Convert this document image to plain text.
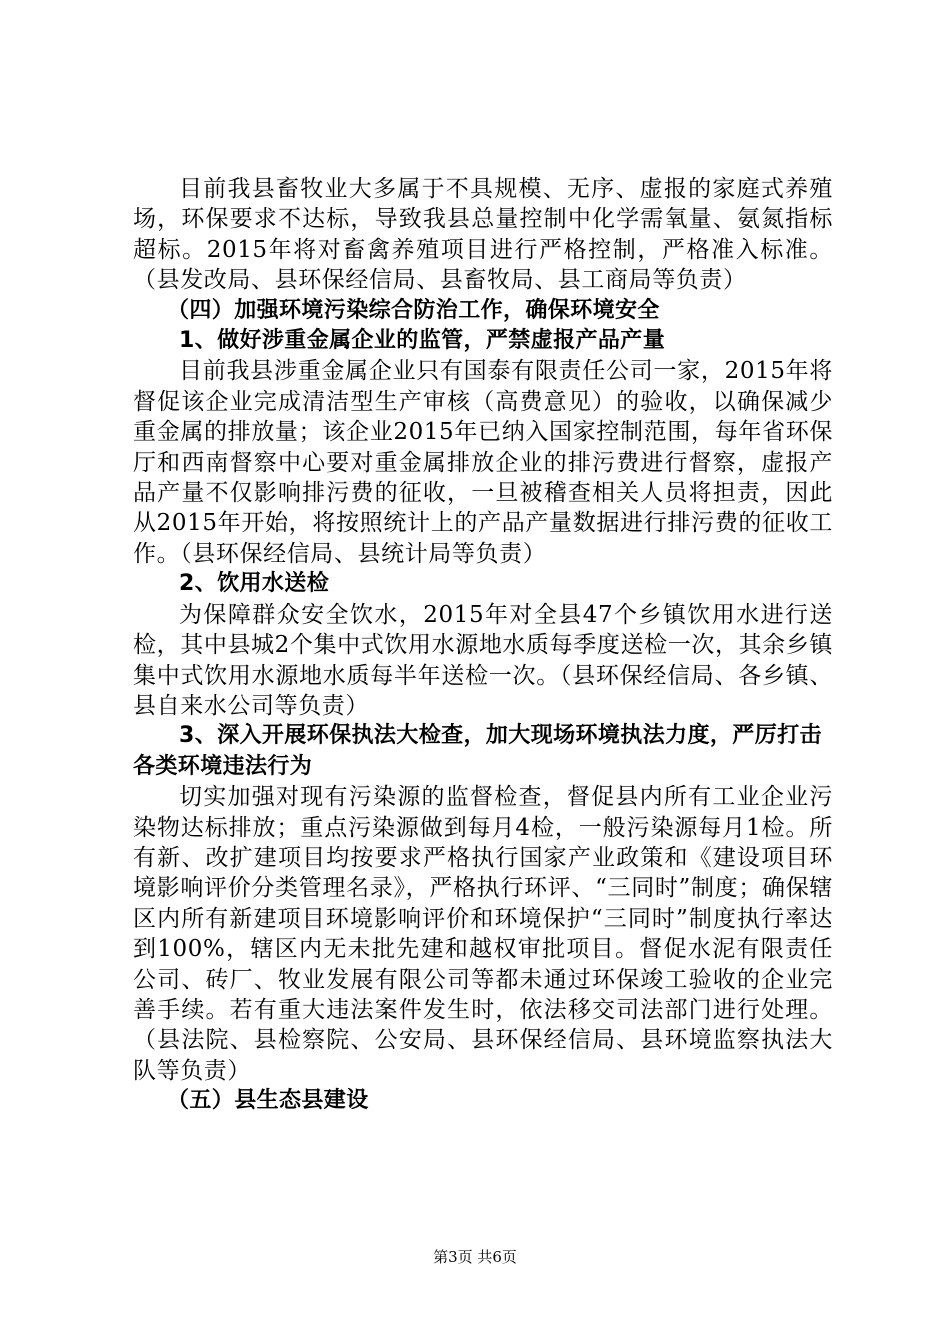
目前我县畜牧业大多属于不具规模、无序、虚报的家庭式养殖场，环保要求不达标，导致我县总量控制中化学需氧量、氨氮指标超标。2015年将对畜禽养殖项目进行严格控制，严格准入标准。（县发改局、县环保经信局、县畜牧局、县工商局等负责）

（四）加强环境污染综合防治工作，确保环境安全

1、做好涉重金属企业的监管，严禁虚报产品产量

目前我县涉重金属企业只有国泰有限责任公司一家，2015年将督促该企业完成清洁型生产审核（高费意见）的验收，以确保减少重金属的排放量；该企业2015年已纳入国家控制范围，每年省环保厅和西南督察中心要对重金属排放企业的排污费进行督察，虚报产品产量不仅影响排污费的征收，一旦被稽查相关人员将担责，因此从2015年开始，将按照统计上的产品产量数据进行排污费的征收工作。（县环保经信局、县统计局等负责）

2、饮用水送检

为保障群众安全饮水，2015年对全县47个乡镇饮用水进行送检，其中县城2个集中式饮用水源地水质每季度送检一次，其余乡镇集中式饮用水源地水质每半年送检一次。（县环保经信局、各乡镇、县自来水公司等负责）

3、深入开展环保执法大检查，加大现场环境执法力度，严厉打击各类环境违法行为

切实加强对现有污染源的监督检查，督促县内所有工业企业污染物达标排放；重点污染源做到每月4检，一般污染源每月1检。所有新、改扩建项目均按要求严格执行国家产业政策和《建设项目环境影响评价分类管理名录》，严格执行环评、“三同时”制度；确保辖区内所有新建项目环境影响评价和环境保护“三同时”制度执行率达到100%，辖区内无未批先建和越权审批项目。督促水泥有限责任公司、砖厂、牧业发展有限公司等都未通过环保竣工验收的企业完善手续。若有重大违法案件发生时，依法移交司法部门进行处理。（县法院、县检察院、公安局、县环保经信局、县环境监察执法大队等负责）

（五）县生态县建设

第3页 共6页
